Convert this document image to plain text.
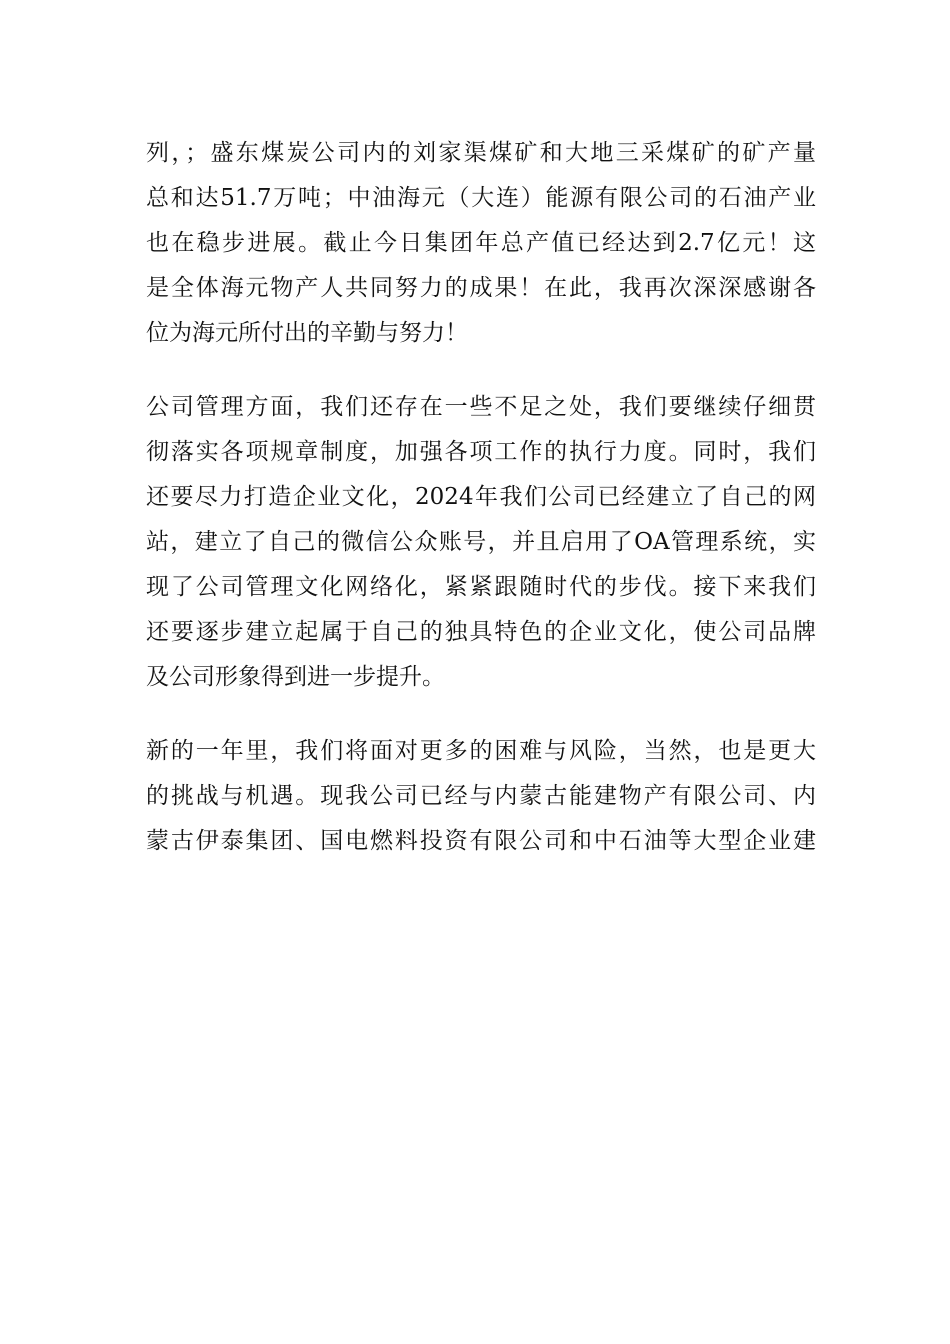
列，；盛东煤炭公司内的刘家渠煤矿和大地三采煤矿的矿产量
总和达51.7万吨；中油海元（大连）能源有限公司的石油产业
也在稳步进展。截止今日集团年总产值已经达到2.7亿元！这
是全体海元物产人共同努力的成果！在此，我再次深深感谢各
位为海元所付出的辛勤与努力！
公司管理方面，我们还存在一些不足之处，我们要继续仔细贯
彻落实各项规章制度，加强各项工作的执行力度。同时，我们
还要尽力打造企业文化，2024年我们公司已经建立了自己的网
站，建立了自己的微信公众账号，并且启用了OA管理系统，实
现了公司管理文化网络化，紧紧跟随时代的步伐。接下来我们
还要逐步建立起属于自己的独具特色的企业文化，使公司品牌
及公司形象得到进一步提升。
新的一年里，我们将面对更多的困难与风险，当然，也是更大
的挑战与机遇。现我公司已经与内蒙古能建物产有限公司、内
蒙古伊泰集团、国电燃料投资有限公司和中石油等大型企业建
